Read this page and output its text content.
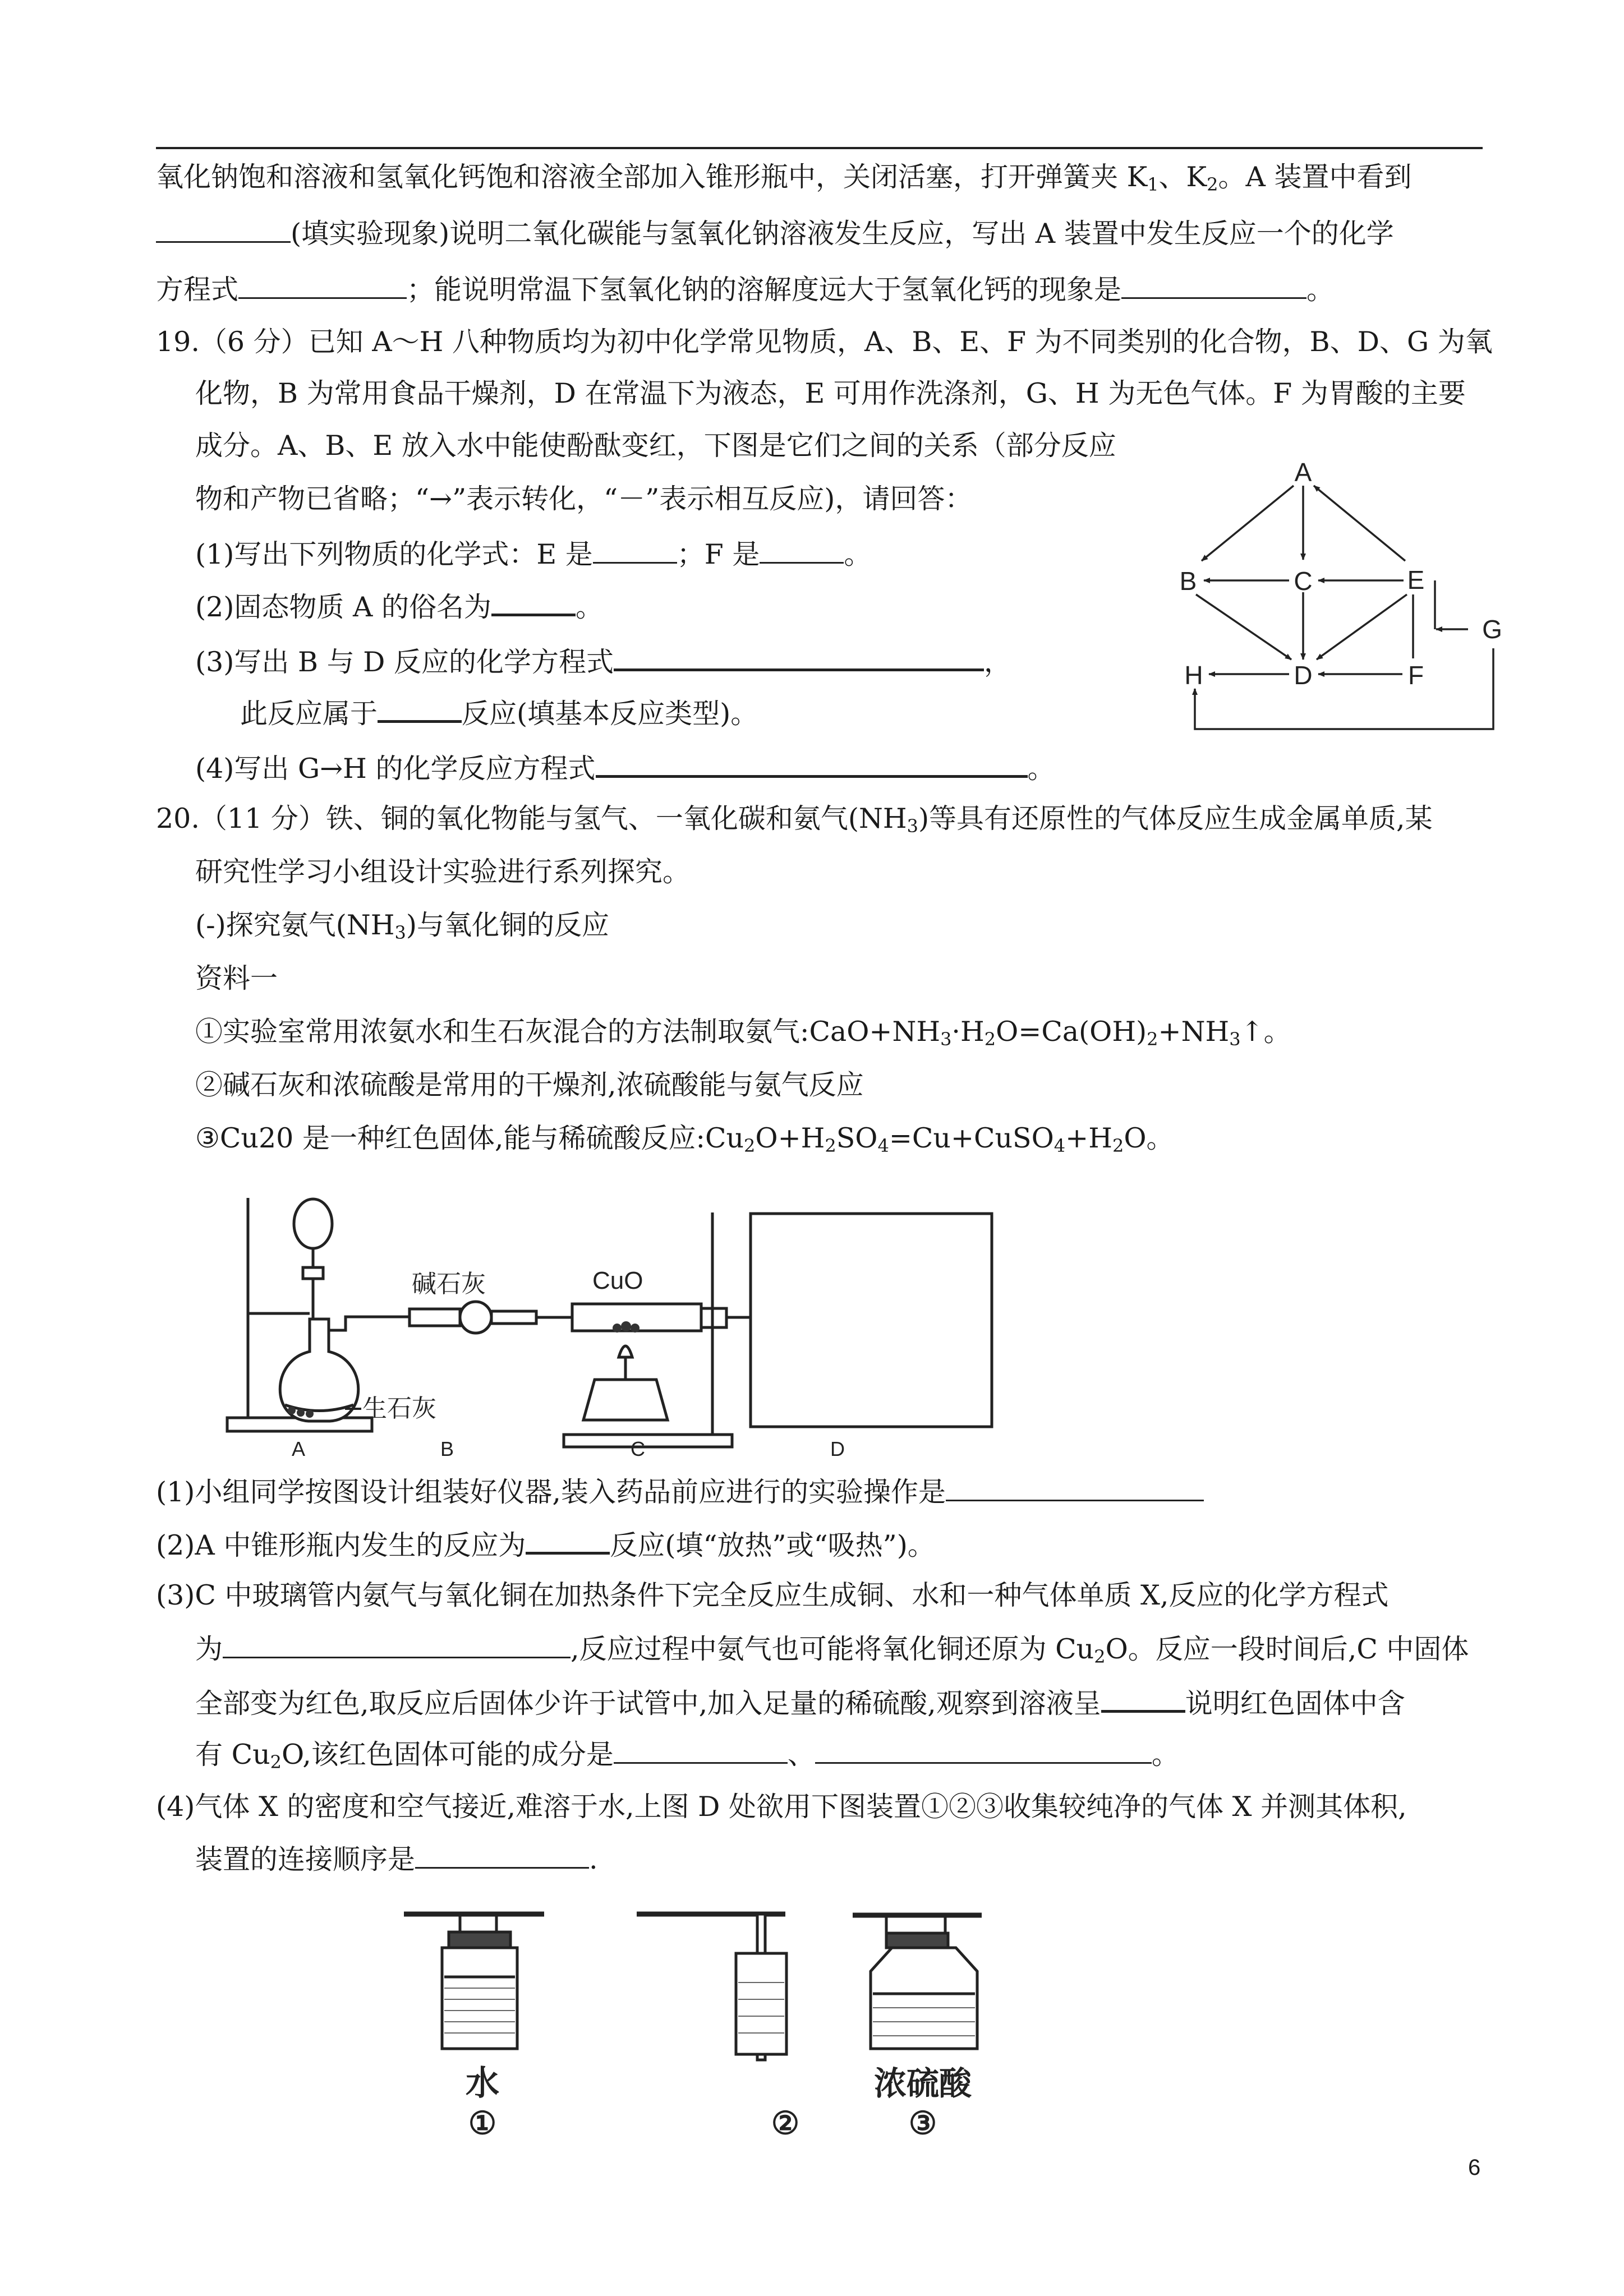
氧化钠饱和溶液和氢氧化钙饱和溶液全部加入锥形瓶中，关闭活塞，打开弹簧夹 $K_1$、$K_2$。A 装置中看到
(填实验现象)说明二氧化碳能与氢氧化钠溶液发生反应，写出 A 装置中发生反应一个的化学
方程式	；能说明常温下氢氧化钠的溶解度远大于氢氧化钙的现象是	。
19.（6 分）已知 A～H 八种物质均为初中化学常见物质，A、B、E、F 为不同类别的化合物，B、D、G 为氧
化物，B 为常用食品干燥剂，D 在常温下为液态，E 可用作洗涤剂，G、H 为无色气体。F 为胃酸的主要
成分。A、B、E 放入水中能使酚酞变红，下图是它们之间的关系（部分反应
物和产物已省略；“→”表示转化，“－”表示相互反应)，请回答：
(1)写出下列物质的化学式：E 是	；F 是	。
(2)固态物质 A 的俗名为	。
(3)写出 B 与 D 反应的化学方程式	，
此反应属于	反应(填基本反应类型)。
(4)写出 G→H 的化学反应方程式	。
A
B	C	E
G
H	D	F
20.（11 分）铁、铜的氧化物能与氢气、一氧化碳和氨气$(NH_3)$等具有还原性的气体反应生成金属单质,某
研究性学习小组设计实验进行系列探究。
(-)探究氨气$(NH_3)$与氧化铜的反应
资料一
①实验室常用浓氨水和生石灰混合的方法制取氨气$:CaO+NH_3\cdot H_2O=Ca(OH)_2+NH_3↑$。
②碱石灰和浓硫酸是常用的干燥剂,浓硫酸能与氨气反应
③Cu20 是一种红色固体,能与稀硫酸反应$:Cu_2O+H_2SO_4=Cu+CuSO_4+H_2O$。
碱石灰	CuO
生石灰
A	B	C	D
(1)小组同学按图设计组装好仪器,装入药品前应进行的实验操作是
(2)A 中锥形瓶内发生的反应为	反应(填“放热”或“吸热”)。
(3)C 中玻璃管内氨气与氧化铜在加热条件下完全反应生成铜、水和一种气体单质 X,反应的化学方程式
为	,反应过程中氨气也可能将氧化铜还原为 $Cu_2O$。反应一段时间后,C 中固体
全部变为红色,取反应后固体少许于试管中,加入足量的稀硫酸,观察到溶液呈	说明红色固体中含
有 $Cu_2O$,该红色固体可能的成分是	、	。
(4)气体 X 的密度和空气接近,难溶于水,上图 D 处欲用下图装置①②③收集较纯净的气体 X 并测其体积,
装置的连接顺序是	.
水
①	②
浓硫酸
③
6
